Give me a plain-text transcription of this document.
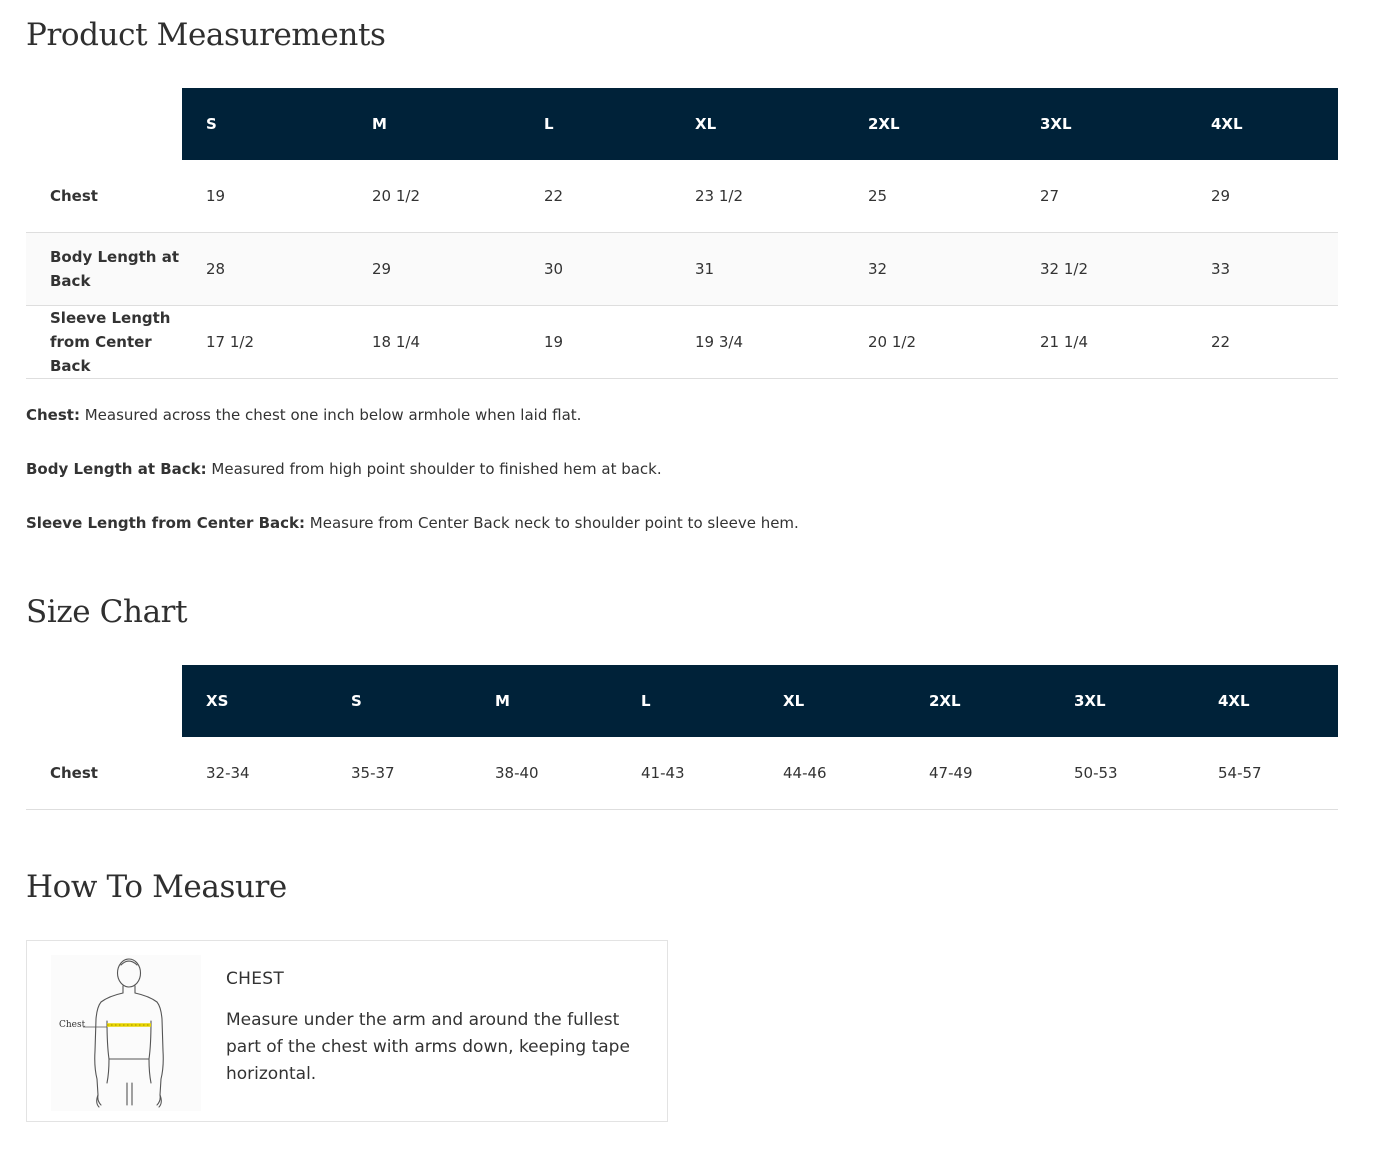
Product Measurements
	S	M	L	XL	2XL	3XL	4XL
Chest	19	20 1/2	22	23 1/2	25	27	29
Body Length at Back	28	29	30	31	32	32 1/2	33
Sleeve Length from Center Back	17 1/2	18 1/4	19	19 3/4	20 1/2	21 1/4	22

Chest: Measured across the chest one inch below armhole when laid flat.

Body Length at Back: Measured from high point shoulder to finished hem at back.

Sleeve Length from Center Back: Measure from Center Back neck to shoulder point to sleeve hem.

Size Chart
	XS	S	M	L	XL	2XL	3XL	4XL
Chest	32-34	35-37	38-40	41-43	44-46	47-49	50-53	54-57
How To Measure
Chest
CHEST

Measure under the arm and around the fullest part of the chest with arms down, keeping tape horizontal.
